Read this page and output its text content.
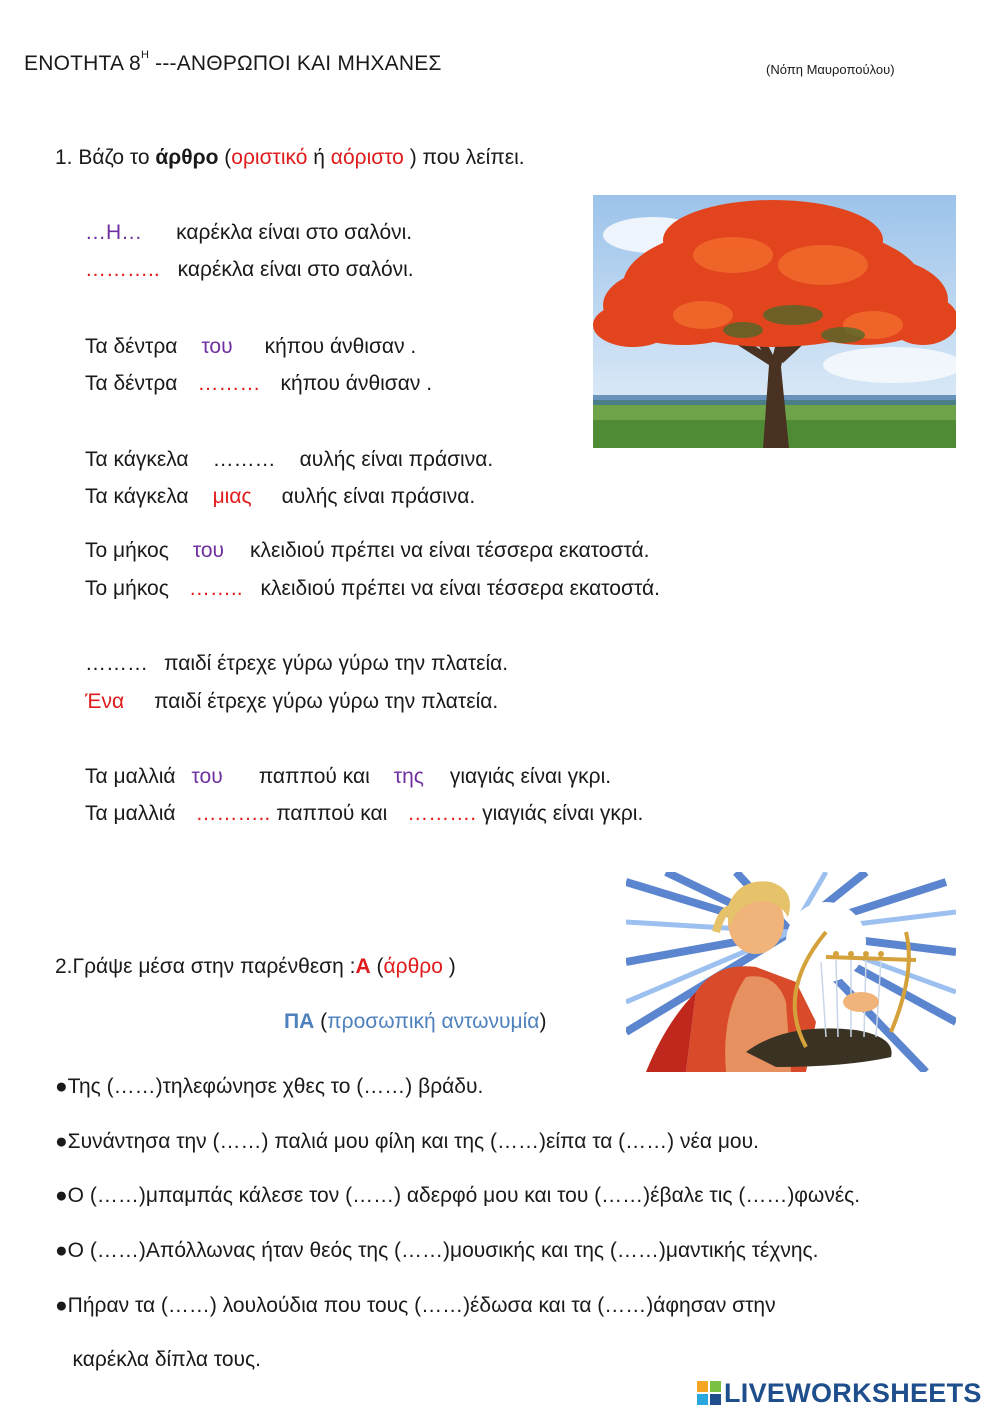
ΕΝΟΤΗΤΑ $8^H$ ---ΑΝΘΡΩΠΟΙ ΚΑΙ ΜΗΧΑΝΕΣ	(Νόπη Μαυροπούλου)
1. Βάζο το άρθρο (οριστικό ή αόριστο ) που λείπει.
…Η… καρέκλα είναι στο σαλόνι.
……….. καρέκλα είναι στο σαλόνι.
Τα δέντρα του κήπου άνθισαν .
Τα δέντρα ……… κήπου άνθισαν .
Τα κάγκελα ……… αυλής είναι πράσινα.
Τα κάγκελα μιας αυλής είναι πράσινα.
Το μήκος του κλειδιού πρέπει να είναι τέσσερα εκατοστά.
Το μήκος …….. κλειδιού πρέπει να είναι τέσσερα εκατοστά.
……… παιδί έτρεχε γύρω γύρω την πλατεία.
Ένα παιδί έτρεχε γύρω γύρω την πλατεία.
Τα μαλλιά του παππού και της γιαγιάς είναι γκρι.
Τα μαλλιά ……….. παππού και ………. γιαγιάς είναι γκρι.
2.Γράψε μέσα στην παρένθεση :Α (άρθρο )
ΠΑ (προσωπική αντωνυμία)
●Της (……)τηλεφώνησε χθες το (……) βράδυ.
●Συνάντησα την (……) παλιά μου φίλη και της (……)είπα τα (……) νέα μου.
●Ο (……)μπαμπάς κάλεσε τον (……) αδερφό μου και του (……)έβαλε τις (……)φωνές.
●Ο (……)Απόλλωνας ήταν θεός της (……)μουσικής και της (……)μαντικής τέχνης.
●Πήραν τα (……) λουλούδια που τους (……)έδωσα και τα (……)άφησαν στην
καρέκλα δίπλα τους.
LIVEWORKSHEETS
